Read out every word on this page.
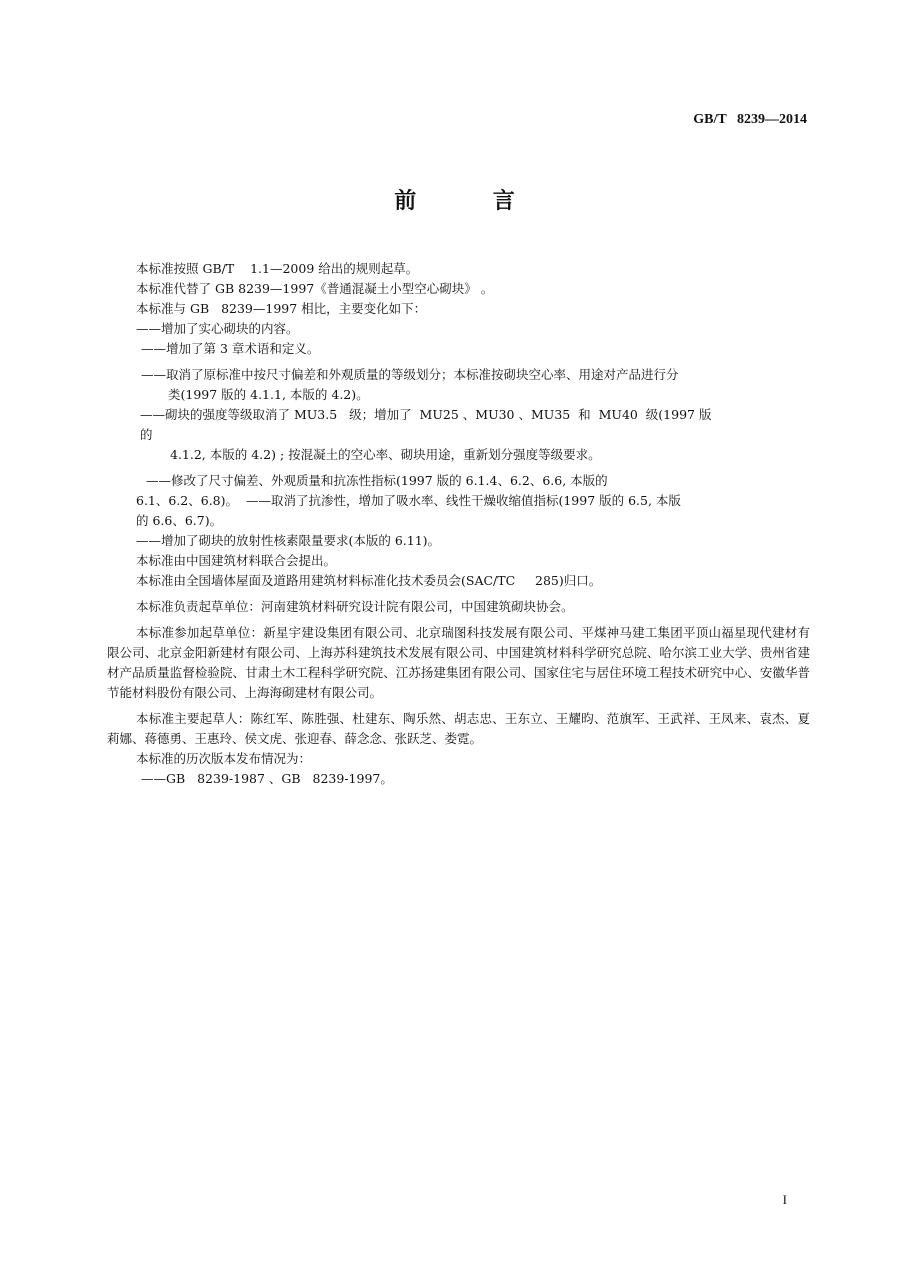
GB/T   8239—2014
前          言
本标准按照 GB/T    1.1—2009 给出的规则起草。
本标准代替了 GB 8239—1997《普通混凝土小型空心砌块》 。
本标准与 GB   8239—1997 相比，主要变化如下：
——增加了实心砌块的内容。
——增加了第 3 章术语和定义。
——取消了原标准中按尺寸偏差和外观质量的等级划分；本标准按砌块空心率、用途对产品进行分
类(1997 版的 4.1.1, 本版的 4.2)。
——砌块的强度等级取消了 MU3.5   级；增加了  MU25 、MU30 、MU35  和  MU40  级(1997 版
的
4.1.2, 本版的 4.2) ; 按混凝土的空心率、砌块用途，重新划分强度等级要求。
——修改了尺寸偏差、外观质量和抗冻性指标(1997 版的 6.1.4、6.2、6.6, 本版的
6.1、6.2、6.8)。  ——取消了抗渗性，增加了吸水率、线性干燥收缩值指标(1997 版的 6.5, 本版
的 6.6、6.7)。
——增加了砌块的放射性核素限量要求(本版的 6.11)。
本标准由中国建筑材料联合会提出。
本标准由全国墙体屋面及道路用建筑材料标准化技术委员会(SAC/TC     285)归口。
本标准负责起草单位：河南建筑材料研究设计院有限公司，中国建筑砌块协会。
本标准参加起草单位：新星宇建设集团有限公司、北京瑞图科技发展有限公司、平煤神马建工集团平顶山福星现代建材有限公司、北京金阳新建材有限公司、上海苏科建筑技术发展有限公司、中国建筑材料科学研究总院、哈尔滨工业大学、贵州省建材产品质量监督检验院、甘肃土木工程科学研究院、江苏扬建集团有限公司、国家住宅与居住环境工程技术研究中心、安徽华普节能材料股份有限公司、上海海砌建材有限公司。
本标准主要起草人：陈红军、陈胜强、杜建东、陶乐然、胡志忠、王东立、王耀昀、范旗军、王武祥、王凤来、袁杰、夏莉娜、蒋德勇、王惠玲、侯文虎、张迎春、薛念念、张跃芝、娄霓。
本标准的历次版本发布情况为：
——GB   8239-1987 、GB   8239-1997。
I
